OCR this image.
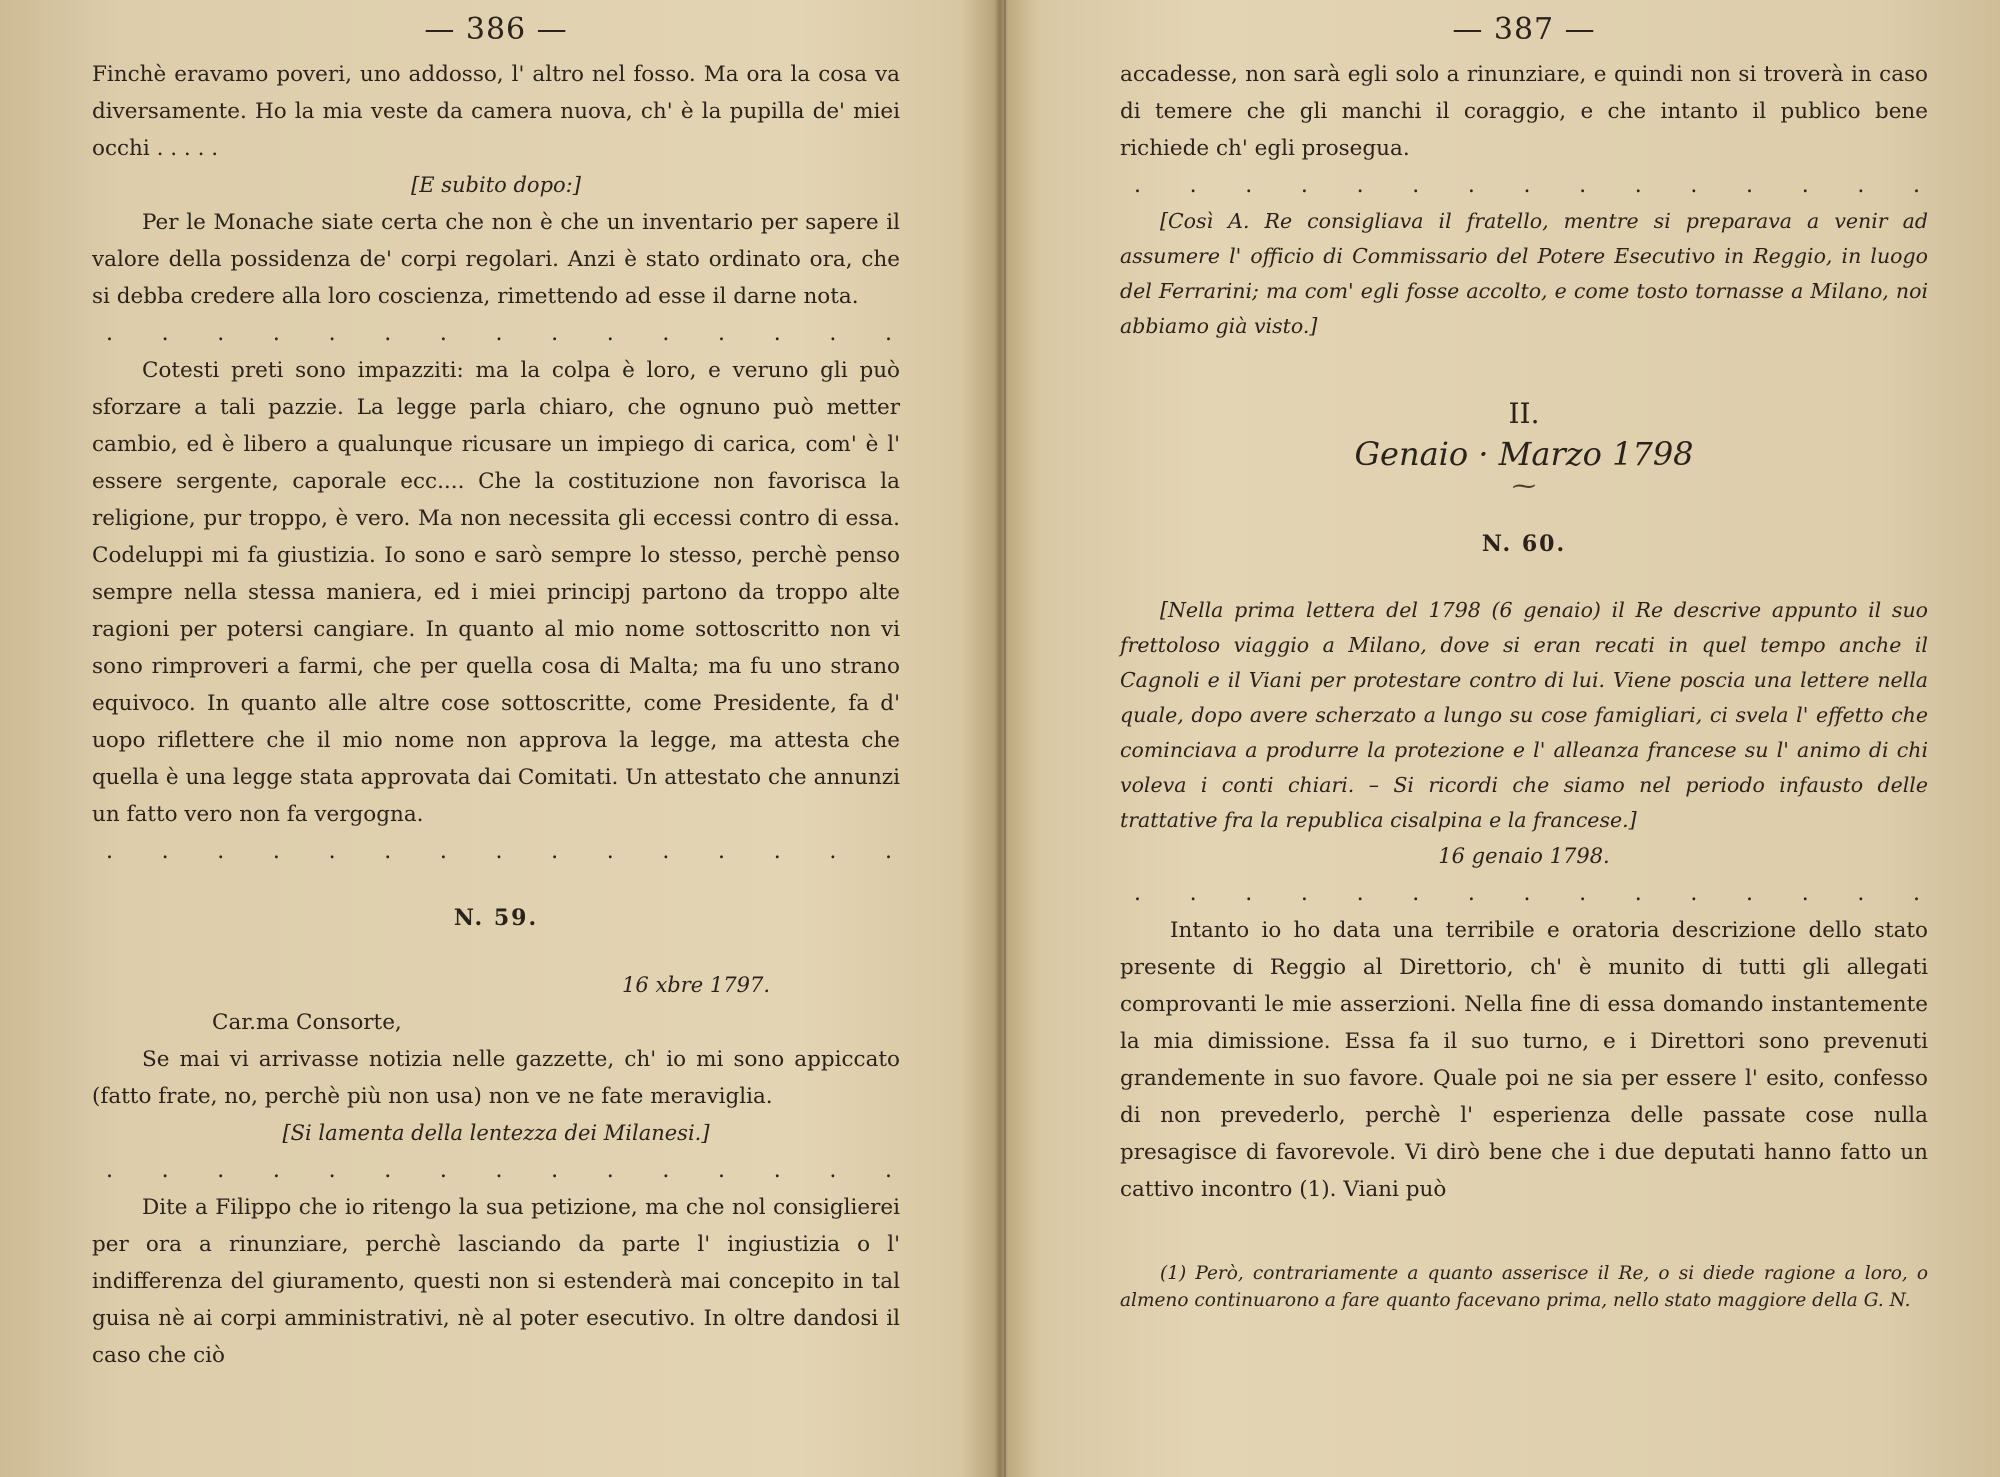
— 386 —

Finchè eravamo poveri, uno addosso, l' altro nel fosso. Ma ora la cosa va diversamente. Ho la mia veste da camera nuova, ch' è la pupilla de' miei occhi . . . . .

[E subito dopo:]

Per le Monache siate certa che non è che un inventario per sapere il valore della possidenza de' corpi regolari. Anzi è stato ordinato ora, che si debba credere alla loro coscienza, rimettendo ad esse il darne nota.

. . . . . . . . . . . . . . .

Cotesti preti sono impazziti: ma la colpa è loro, e veruno gli può sforzare a tali pazzie. La legge parla chiaro, che ognuno può metter cambio, ed è libero a qualunque ricusare un impiego di carica, com' è l' essere sergente, caporale ecc.... Che la costituzione non favorisca la religione, pur troppo, è vero. Ma non necessita gli eccessi contro di essa. Codeluppi mi fa giustizia. Io sono e sarò sempre lo stesso, perchè penso sempre nella stessa maniera, ed i miei principj partono da troppo alte ragioni per potersi cangiare. In quanto al mio nome sottoscritto non vi sono rimproveri a farmi, che per quella cosa di Malta; ma fu uno strano equivoco. In quanto alle altre cose sottoscritte, come Presidente, fa d' uopo riflettere che il mio nome non approva la legge, ma attesta che quella è una legge stata approvata dai Comitati. Un attestato che annunzi un fatto vero non fa vergogna.

. . . . . . . . . . . . . . .
N. 59.
16 xbre 1797.

Car.ma Consorte,

Se mai vi arrivasse notizia nelle gazzette, ch' io mi sono appiccato (fatto frate, no, perchè più non usa) non ve ne fate meraviglia.

[Si lamenta della lentezza dei Milanesi.]
. . . . . . . . . . . . . . .

Dite a Filippo che io ritengo la sua petizione, ma che nol consiglierei per ora a rinunziare, perchè lasciando da parte l' ingiustizia o l' indifferenza del giuramento, questi non si estenderà mai concepito in tal guisa nè ai corpi amministrativi, nè al poter esecutivo. In oltre dandosi il caso che ciò

— 387 —

accadesse, non sarà egli solo a rinunziare, e quindi non si troverà in caso di temere che gli manchi il coraggio, e che intanto il publico bene richiede ch' egli prosegua.

. . . . . . . . . . . . . . .
[Così A. Re consigliava il fratello, mentre si preparava a venir ad assumere l' officio di Commissario del Potere Esecutivo in Reggio, in luogo del Ferrarini; ma com' egli fosse accolto, e come tosto tornasse a Milano, noi abbiamo già visto.]
II.
Genaio · Marzo 1798
⁓
N. 60.
[Nella prima lettera del 1798 (6 genaio) il Re descrive appunto il suo frettoloso viaggio a Milano, dove si eran recati in quel tempo anche il Cagnoli e il Viani per protestare contro di lui. Viene poscia una lettere nella quale, dopo avere scherzato a lungo su cose famigliari, ci svela l' effetto che cominciava a produrre la protezione e l' alleanza francese su l' animo di chi voleva i conti chiari. – Si ricordi che siamo nel periodo infausto delle trattative fra la republica cisalpina e la francese.]
16 genaio 1798.
. . . . . . . . . . . . . . .

Intanto io ho data una terribile e oratoria descrizione dello stato presente di Reggio al Direttorio, ch' è munito di tutti gli allegati comprovanti le mie asserzioni. Nella fine di essa domando instantemente la mia dimissione. Essa fa il suo turno, e i Direttori sono prevenuti grandemente in suo favore. Quale poi ne sia per essere l' esito, confesso di non prevederlo, perchè l' esperienza delle passate cose nulla presagisce di favorevole. Vi dirò bene che i due deputati hanno fatto un cattivo incontro (1). Viani può

(1) Però, contrariamente a quanto asserisce il Re, o si diede ragione a loro, o almeno continuarono a fare quanto facevano prima, nello stato maggiore della G. N.
